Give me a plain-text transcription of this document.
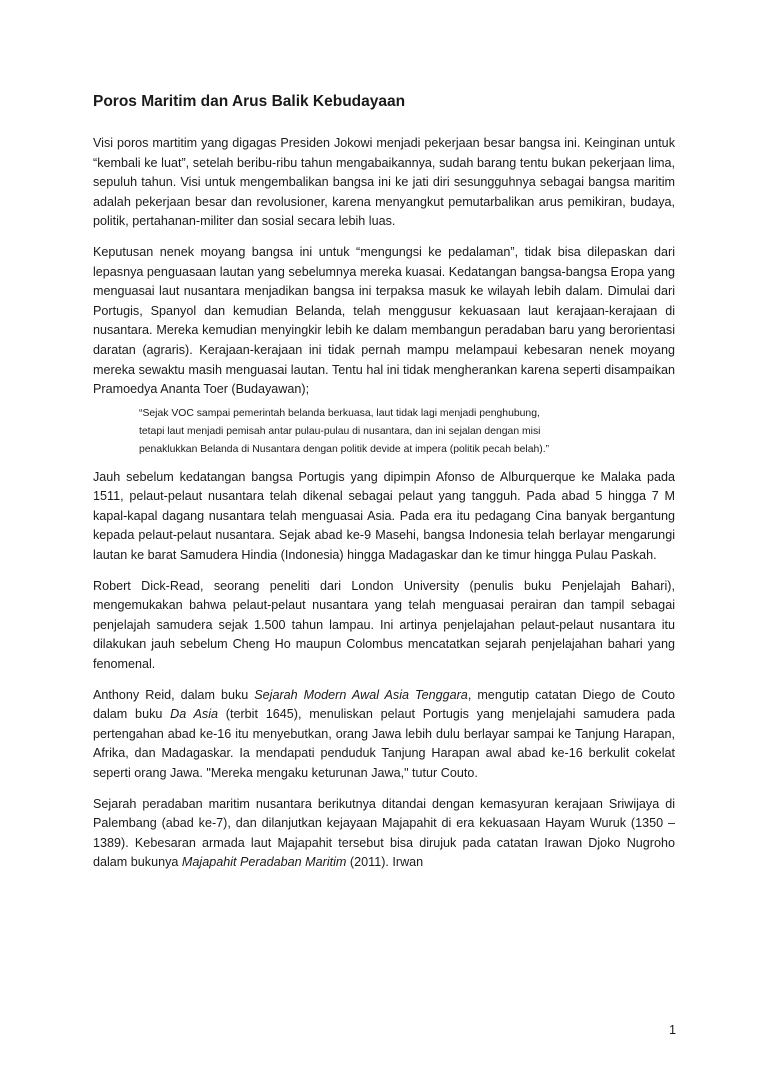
Poros Maritim dan Arus Balik Kebudayaan

Visi poros martitim yang digagas Presiden Jokowi menjadi pekerjaan besar bangsa ini. Keinginan untuk “kembali ke luat”, setelah beribu-ribu tahun mengabaikannya, sudah barang tentu bukan pekerjaan lima, sepuluh tahun. Visi untuk mengembalikan bangsa ini ke jati diri sesungguhnya sebagai bangsa maritim adalah pekerjaan besar dan revolusioner, karena menyangkut pemutarbalikan arus pemikiran, budaya, politik, pertahanan-militer dan sosial secara lebih luas.

Keputusan nenek moyang bangsa ini untuk “mengungsi ke pedalaman”, tidak bisa dilepaskan dari lepasnya penguasaan lautan yang sebelumnya mereka kuasai. Kedatangan bangsa-bangsa Eropa yang menguasai laut nusantara menjadikan bangsa ini terpaksa masuk ke wilayah lebih dalam. Dimulai dari Portugis, Spanyol dan kemudian Belanda, telah menggusur kekuasaan laut kerajaan-kerajaan di nusantara. Mereka kemudian menyingkir lebih ke dalam membangun peradaban baru yang berorientasi daratan (agraris). Kerajaan-kerajaan ini tidak pernah mampu melampaui kebesaran nenek moyang mereka sewaktu masih menguasai lautan. Tentu hal ini tidak mengherankan karena seperti disampaikan Pramoedya Ananta Toer (Budayawan);

“Sejak VOC sampai pemerintah belanda berkuasa, laut tidak lagi menjadi penghubung,
tetapi laut menjadi pemisah antar pulau-pulau di nusantara, dan ini sejalan dengan misi
penaklukkan Belanda di Nusantara dengan politik devide at impera (politik pecah belah).”

Jauh sebelum kedatangan bangsa Portugis yang dipimpin Afonso de Alburquerque ke Malaka pada 1511, pelaut-pelaut nusantara telah dikenal sebagai pelaut yang tangguh. Pada abad 5 hingga 7 M kapal-kapal dagang nusantara telah menguasai Asia. Pada era itu pedagang Cina banyak bergantung kepada pelaut-pelaut nusantara. Sejak abad ke-9 Masehi, bangsa Indonesia telah berlayar mengarungi lautan ke barat Samudera Hindia (Indonesia) hingga Madagaskar dan ke timur hingga Pulau Paskah.

Robert Dick-Read, seorang peneliti dari London University (penulis buku Penjelajah Bahari), mengemukakan bahwa pelaut-pelaut nusantara yang telah menguasai perairan dan tampil sebagai penjelajah samudera sejak 1.500 tahun lampau. Ini artinya penjelajahan pelaut-pelaut nusantara itu dilakukan jauh sebelum Cheng Ho maupun Colombus mencatatkan sejarah penjelajahan bahari yang fenomenal.

Anthony Reid, dalam buku Sejarah Modern Awal Asia Tenggara, mengutip catatan Diego de Couto dalam buku Da Asia (terbit 1645), menuliskan pelaut Portugis yang menjelajahi samudera pada pertengahan abad ke-16 itu menyebutkan, orang Jawa lebih dulu berlayar sampai ke Tanjung Harapan, Afrika, dan Madagaskar. Ia mendapati penduduk Tanjung Harapan awal abad ke-16 berkulit cokelat seperti orang Jawa. "Mereka mengaku keturunan Jawa," tutur Couto.

Sejarah peradaban maritim nusantara berikutnya ditandai dengan kemasyuran kerajaan Sriwijaya di Palembang (abad ke-7), dan dilanjutkan kejayaan Majapahit di era kekuasaan Hayam Wuruk (1350 – 1389). Kebesaran armada laut Majapahit tersebut bisa dirujuk pada catatan Irawan Djoko Nugroho dalam bukunya Majapahit Peradaban Maritim (2011). Irwan

1
